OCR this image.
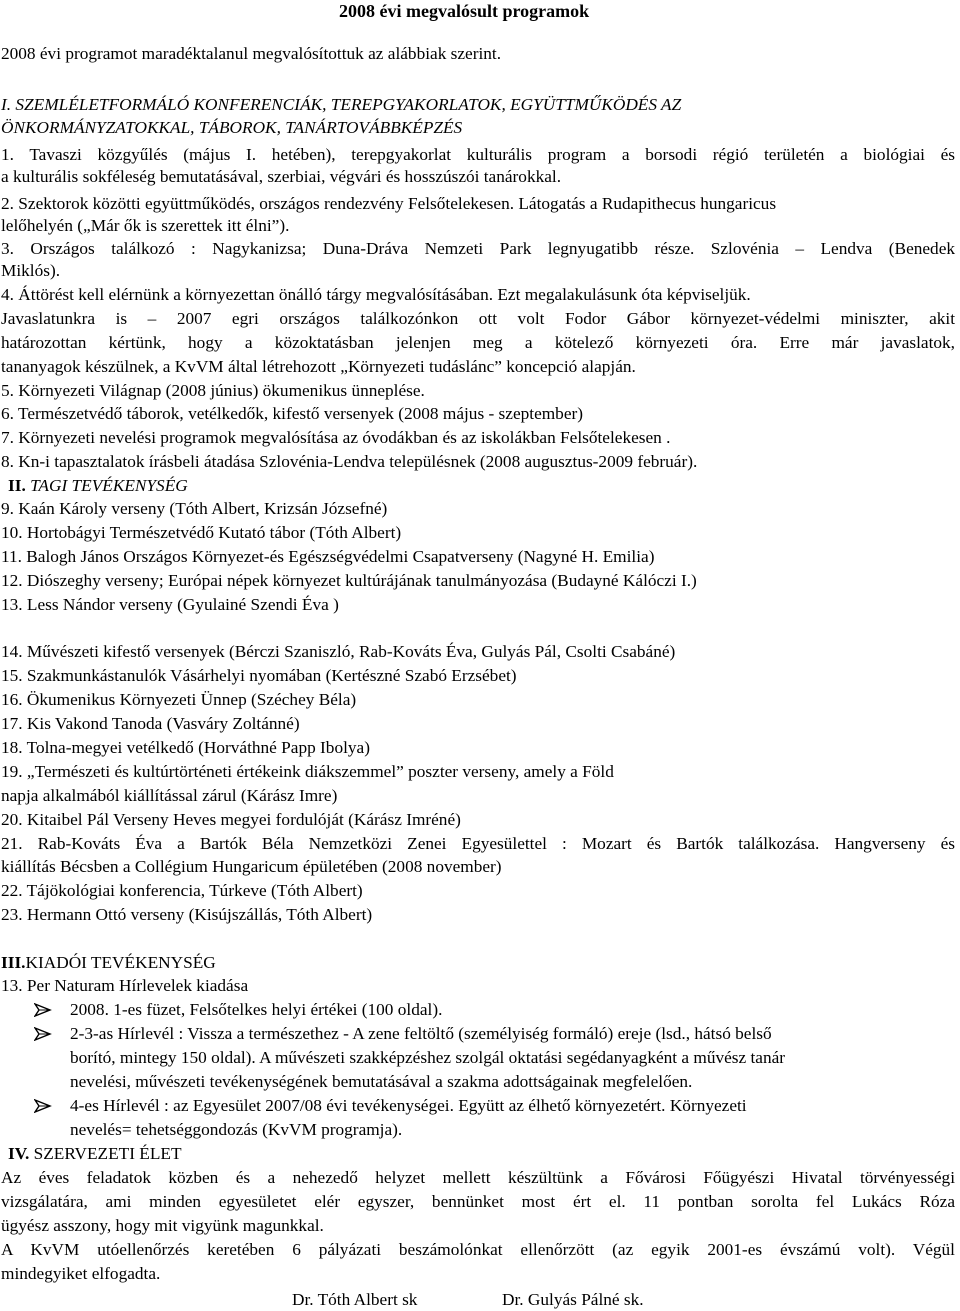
2008 évi megvalósult programok
2008 évi programot maradéktalanul megvalósítottuk az alábbiak szerint.
I. SZEMLÉLETFORMÁLÓ KONFERENCIÁK, TEREPGYAKORLATOK, EGYÜTTMŰKÖDÉS AZ
ÖNKORMÁNYZATOKKAL, TÁBOROK, TANÁRTOVÁBBKÉPZÉS
1. Tavaszi közgyűlés (május I. hetében), terepgyakorlat kulturális program a borsodi régió területén a biológiai és
a kulturális sokféleség bemutatásával, szerbiai, végvári és hosszúszói tanárokkal.
2. Szektorok közötti együttműködés, országos rendezvény Felsőtelekesen. Látogatás a Rudapithecus hungaricus
lelőhelyén („Már ők is szerettek itt élni”).
3. Országos találkozó : Nagykanizsa; Duna-Dráva Nemzeti Park legnyugatibb része. Szlovénia – Lendva (Benedek
Miklós).
4. Áttörést kell elérnünk a környezettan önálló tárgy megvalósításában. Ezt megalakulásunk óta képviseljük.
Javaslatunkra is – 2007 egri országos találkozónkon ott volt Fodor Gábor környezet-védelmi miniszter, akit
határozottan kértünk, hogy a közoktatásban jelenjen meg a kötelező környezeti óra. Erre már javaslatok,
tananyagok készülnek, a KvVM által létrehozott „Környezeti tudáslánc” koncepció alapján.
5. Környezeti Világnap (2008 június) ökumenikus ünneplése.
6. Természetvédő táborok, vetélkedők, kifestő versenyek (2008 május - szeptember)
7. Környezeti nevelési programok megvalósítása az óvodákban és az iskolákban Felsőtelekesen .
8. Kn-i tapasztalatok írásbeli átadása Szlovénia-Lendva településnek (2008 augusztus-2009 február).
II. TAGI TEVÉKENYSÉG
9. Kaán Károly verseny (Tóth Albert, Krizsán Józsefné)
10. Hortobágyi Természetvédő Kutató tábor (Tóth Albert)
11. Balogh János Országos Környezet-és Egészségvédelmi Csapatverseny (Nagyné H. Emilia)
12. Diószeghy verseny; Európai népek környezet kultúrájának tanulmányozása (Budayné Kálóczi I.)
13. Less Nándor verseny (Gyulainé Szendi Éva )
14. Művészeti kifestő versenyek (Bérczi Szaniszló, Rab-Kováts Éva, Gulyás Pál, Csolti Csabáné)
15. Szakmunkástanulók Vásárhelyi nyomában (Kertészné Szabó Erzsébet)
16. Ökumenikus Környezeti Ünnep (Széchey Béla)
17. Kis Vakond Tanoda (Vasváry Zoltánné)
18. Tolna-megyei vetélkedő (Horváthné Papp Ibolya)
19. „Természeti és kultúrtörténeti értékeink diákszemmel” poszter verseny, amely a Föld
napja alkalmából kiállítással zárul (Kárász Imre)
20. Kitaibel Pál Verseny Heves megyei fordulóját (Kárász Imréné)
21. Rab-Kováts Éva a Bartók Béla Nemzetközi Zenei Egyesülettel : Mozart és Bartók találkozása. Hangverseny és
kiállítás Bécsben a Collégium Hungaricum épületében (2008 november)
22. Tájökológiai konferencia, Túrkeve (Tóth Albert)
23. Hermann Ottó verseny (Kisújszállás, Tóth Albert)
III.KIADÓI TEVÉKENYSÉG
13. Per Naturam Hírlevelek kiadása
2008. 1-es füzet, Felsőtelkes helyi értékei (100 oldal).
2-3-as Hírlevél : Vissza a természethez - A zene feltöltő (személyiség formáló) ereje (lsd., hátsó belső
borító, mintegy 150 oldal). A művészeti szakképzéshez szolgál oktatási segédanyagként a művész tanár
nevelési, művészeti tevékenységének bemutatásával a szakma adottságainak megfelelően.
4-es Hírlevél : az Egyesület 2007/08 évi tevékenységei. Együtt az élhető környezetért. Környezeti
nevelés= tehetséggondozás (KvVM programja).
IV. SZERVEZETI ÉLET
Az éves feladatok közben és a nehezedő helyzet mellett készültünk a Fővárosi Főügyészi Hivatal törvényességi
vizsgálatára, ami minden egyesületet elér egyszer, bennünket most ért el. 11 pontban sorolta fel Lukács Róza
ügyész asszony, hogy mit vigyünk magunkkal.
A KvVM utóellenőrzés keretében 6 pályázati beszámolónkat ellenőrzött (az egyik 2001-es évszámú volt). Végül
mindegyiket elfogadta.
Dr. Tóth Albert sk	Dr. Gulyás Pálné sk.
